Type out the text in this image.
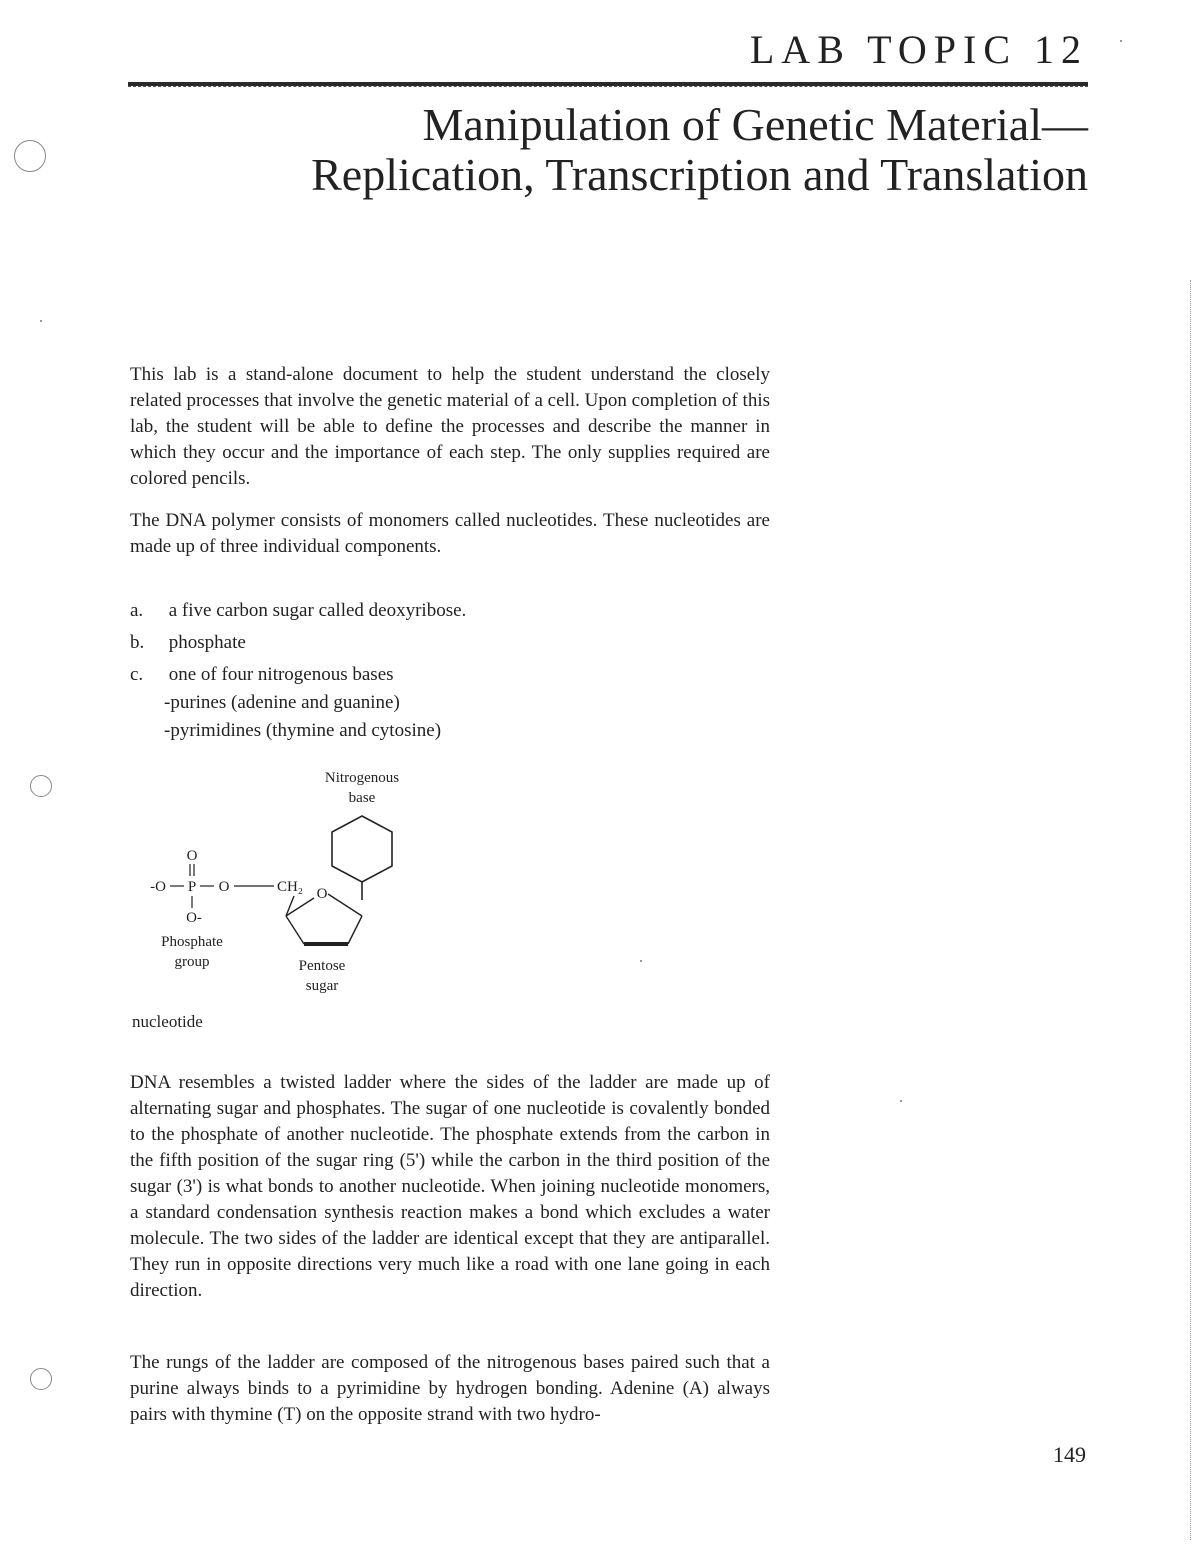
LAB TOPIC 12
Manipulation of Genetic Material—
Replication, Transcription and Translation

This lab is a stand-alone document to help the student understand the closely related processes that involve the genetic material of a cell. Upon completion of this lab, the student will be able to define the processes and describe the manner in which they occur and the importance of each step. The only supplies required are colored pencils.

The DNA polymer consists of monomers called nucleotides. These nucleotides are made up of three individual components.

a. a five carbon sugar called deoxyribose.
b. phosphate
c. one of four nitrogenous bases
-purines (adenine and guanine)
-pyrimidines (thymine and cytosine)
Nitrogenous
base
O
-O P O
O-
CH₂ O
Phosphate
group	Pentose
sugar
nucleotide

DNA resembles a twisted ladder where the sides of the ladder are made up of alternating sugar and phosphates. The sugar of one nucleotide is covalently bonded to the phosphate of another nucleotide. The phosphate extends from the carbon in the fifth position of the sugar ring (5') while the carbon in the third position of the sugar (3') is what bonds to another nucleotide. When joining nucleotide monomers, a standard condensation synthesis reaction makes a bond which excludes a water molecule. The two sides of the ladder are identical except that they are antiparallel. They run in opposite directions very much like a road with one lane going in each direction.

The rungs of the ladder are composed of the nitrogenous bases paired such that a purine always binds to a pyrimidine by hydrogen bonding. Adenine (A) always pairs with thymine (T) on the opposite strand with two hydro-

149
